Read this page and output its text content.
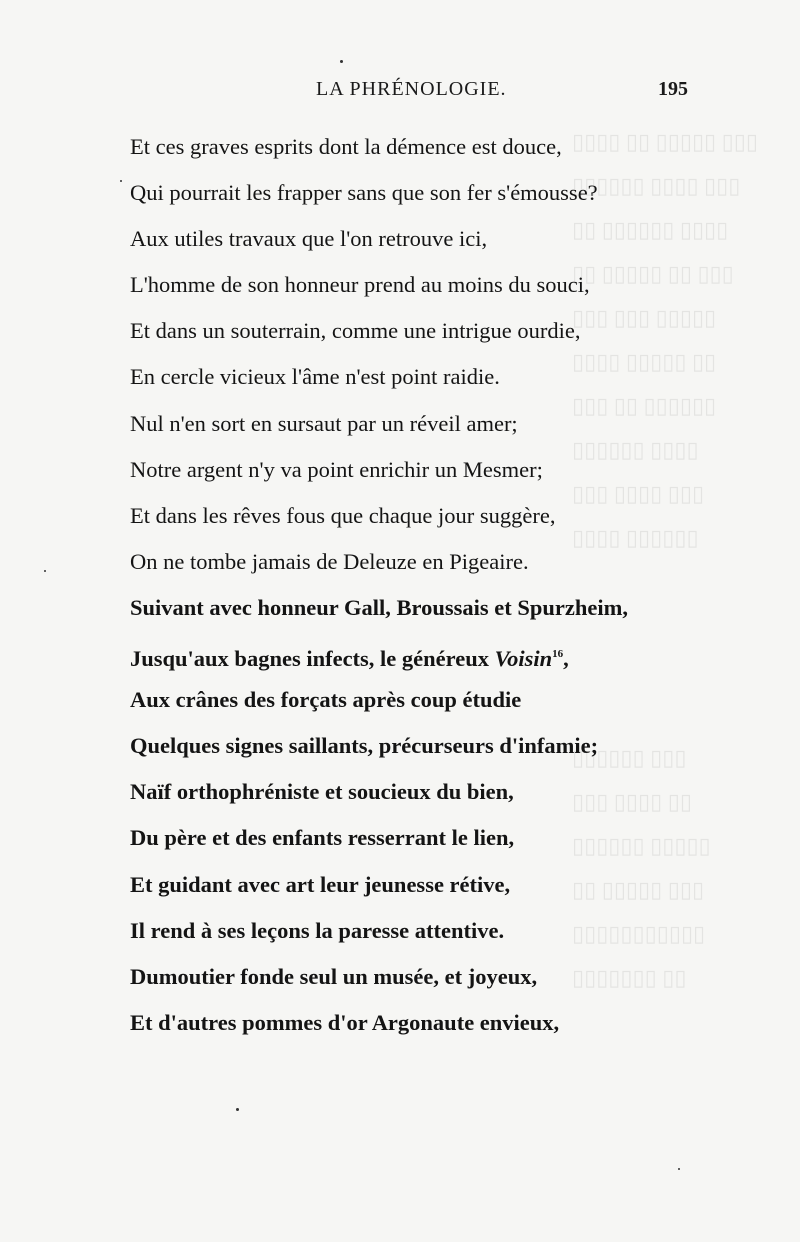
▯▯▯ ▯▯▯▯▯ ▯▯ ▯▯▯▯
▯▯▯ ▯▯▯▯ ▯▯▯▯▯▯
▯▯▯▯ ▯▯▯▯▯▯ ▯▯
▯▯▯ ▯▯ ▯▯▯▯▯ ▯▯
▯▯▯▯▯ ▯▯▯ ▯▯▯
▯▯ ▯▯▯▯▯ ▯▯▯▯
▯▯▯▯▯▯ ▯▯ ▯▯▯
▯▯▯▯ ▯▯▯▯▯▯
▯▯▯ ▯▯▯▯ ▯▯▯
▯▯▯▯▯▯ ▯▯▯▯

▯▯▯ ▯▯▯▯▯▯
▯▯ ▯▯▯▯ ▯▯▯
▯▯▯▯▯ ▯▯▯▯▯▯
▯▯▯ ▯▯▯▯▯ ▯▯
▯▯▯▯▯▯▯▯▯▯▯
▯▯ ▯▯▯▯▯▯▯
LA PHRÉNOLOGIE.	195
Et ces graves esprits dont la démence est douce,
Qui pourrait les frapper sans que son fer s'émousse?
Aux utiles travaux que l'on retrouve ici,
L'homme de son honneur prend au moins du souci,
Et dans un souterrain, comme une intrigue ourdie,
En cercle vicieux l'âme n'est point raidie.
Nul n'en sort en sursaut par un réveil amer;
Notre argent n'y va point enrichir un Mesmer;
Et dans les rêves fous que chaque jour suggère,
On ne tombe jamais de Deleuze en Pigeaire.
Suivant avec honneur Gall, Broussais et Spurzheim,
Jusqu'aux bagnes infects, le généreux Voisin$^{16}$,
Aux crânes des forçats après coup étudie
Quelques signes saillants, précurseurs d'infamie;
Naïf orthophréniste et soucieux du bien,
Du père et des enfants resserrant le lien,
Et guidant avec art leur jeunesse rétive,
Il rend à ses leçons la paresse attentive.
Dumoutier fonde seul un musée, et joyeux,
Et d'autres pommes d'or Argonaute envieux,
